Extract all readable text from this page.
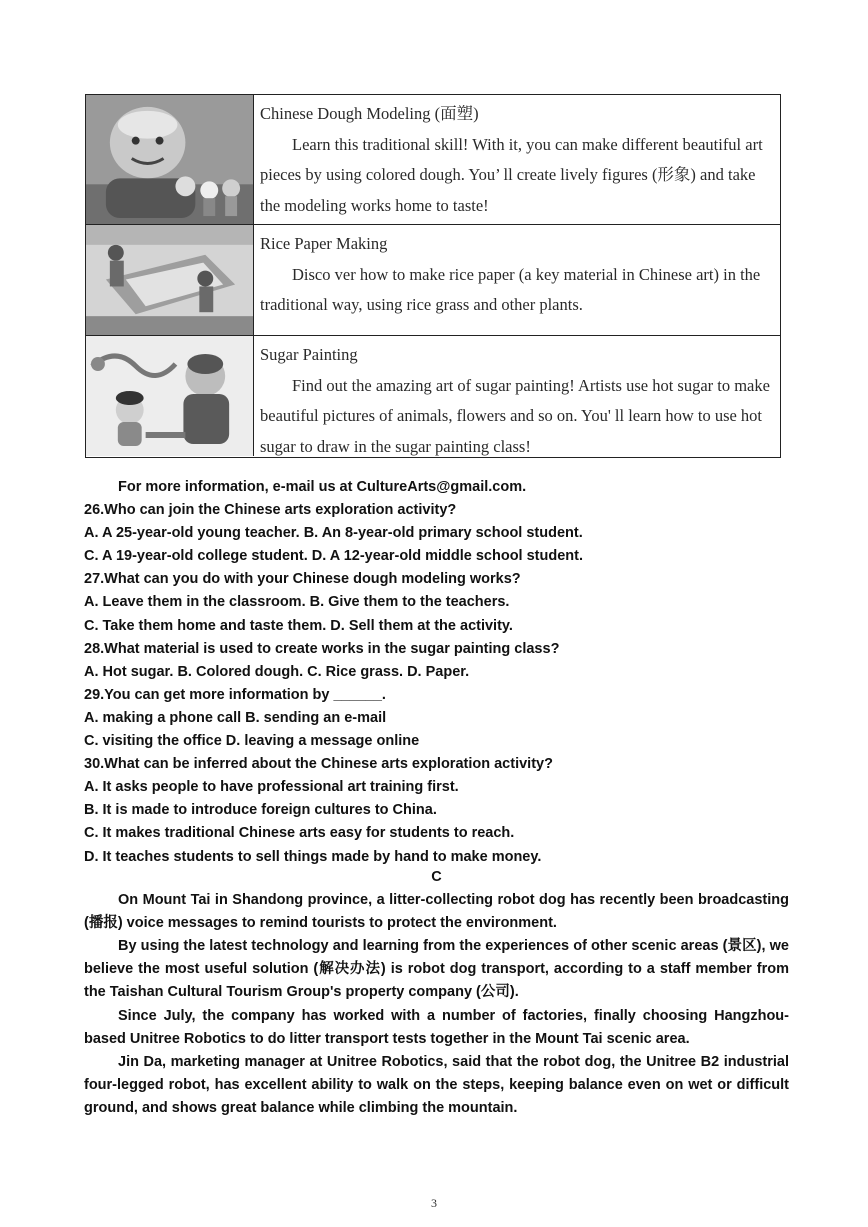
Chinese Dough Modeling (面塑)
Learn this traditional skill! With it, you can make different beautiful art pieces by using colored dough. You’ ll create lively figures (形象) and take the modeling works home to taste!
Rice Paper Making
Disco ver how to make rice paper (a key material in Chinese art) in the traditional way, using rice grass and other plants.
Sugar Painting
Find out the amazing art of sugar painting! Artists use hot sugar to make beautiful pictures of animals, flowers and so on. You' ll learn how to use hot sugar to draw in the sugar painting class!
For more information, e-mail us at CultureArts@gmail.com.
26.Who can join the Chinese arts exploration activity?
A. A 25-year-old young teacher. B. An 8-year-old primary school student.
C. A 19-year-old college student. D. A 12-year-old middle school student.
27.What can you do with your Chinese dough modeling works?
A. Leave them in the classroom. B. Give them to the teachers.
C. Take them home and taste them. D. Sell them at the activity.
28.What material is used to create works in the sugar painting class?
A. Hot sugar. B. Colored dough. C. Rice grass. D. Paper.
29.You can get more information by ______.
A. making a phone call B. sending an e-mail
C. visiting the office D. leaving a message online
30.What can be inferred about the Chinese arts exploration activity?
A. It asks people to have professional art training first.
B. It is made to introduce foreign cultures to China.
C. It makes traditional Chinese arts easy for students to reach.
D. It teaches students to sell things made by hand to make money.
C

On Mount Tai in Shandong province, a litter-collecting robot dog has recently been broadcasting (播报) voice messages to remind tourists to protect the environment.

By using the latest technology and learning from the experiences of other scenic areas (景区), we believe the most useful solution (解决办法) is robot dog transport, according to a staff member from the Taishan Cultural Tourism Group's property company (公司).

Since July, the company has worked with a number of factories, finally choosing Hangzhou-based Unitree Robotics to do litter transport tests together in the Mount Tai scenic area.

Jin Da, marketing manager at Unitree Robotics, said that the robot dog, the Unitree B2 industrial four-legged robot, has excellent ability to walk on the steps, keeping balance even on wet or difficult ground, and shows great balance while climbing the mountain.

3
